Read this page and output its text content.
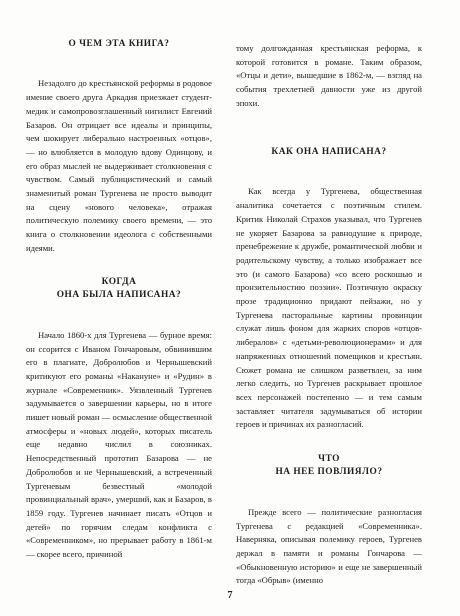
О ЧЕМ ЭТА КНИГА?

Незадолго до крестьянской реформы в родовое имение своего друга Аркадия приезжает студент-медик и самопровозглашенный нигилист Евгений Базаров. Он отрицает все идеалы и принципы, чем шокирует либерально настроенных «отцов», — но влюбляется в молодую вдову Одинцову, и его образ мыслей не выдерживает столкновения с чувством. Самый публицистический и самый знаменитый роман Тургенева не просто выводит на сцену «нового человека», отражая политическую полемику своего времени, — это книга о столкновении идеолога с собственными идеями.

КОГДА
ОНА БЫЛА НАПИСАНА?

Начало 1860-х для Тургенева — бурное время: он ссорится с Иваном Гончаровым, обвинившим его в плагиате, Добролюбов и Чернышевский критикуют его романы «Накануне» и «Рудин» в журнале «Современник». Уязвленный Тургенев задумывается о завершении карьеры, но в итоге пишет новый роман — осмысление общественной атмосферы и «новых людей», которых писатель еще недавно числил в союзниках. Непосредственный прототип Базарова — не Добролюбов и не Чернышевский, а встреченный Тургеневым безвестный «молодой провинциальный врач», умерший, как и Базаров, в 1859 году. Тургенев начинает писать «Отцов и детей» по горячим следам конфликта с «Современником», но прерывает работу в 1861-м — скорее всего, причиной

тому долгожданная крестьянская реформа, к которой готовится в романе. Таким образом, «Отцы и дети», вышедшие в 1862-м, — взгляд на события трехлетней давности уже из другой эпохи.

КАК ОНА НАПИСАНА?

Как всегда у Тургенева, общественная аналитика сочетается с поэтичным стилем. Критик Николай Страхов указывал, что Тургенев не укоряет Базарова за равнодушие к природе, пренебрежение к дружбе, романтической любви и родительскому чувству, а только изображает все это (и самого Базарова) «со всею роскошью и пронзительностию поэзии». Поэтичную окраску прозе традиционно придают пейзажи, но у Тургенева пасторальные картины провинции служат лишь фоном для жарких споров «отцов-либералов» с «детьми-революционерами» и для напряженных отношений помещиков и крестьян. Сюжет романа не слишком разветвлен, за ним легко следить, но Тургенев раскрывает прошлое всех персонажей постепенно — и тем самым заставляет читателя задумываться об истории героев и причинах их разногласий.

ЧТО
НА НЕЕ ПОВЛИЯЛО?

Прежде всего — политические разногласия Тургенева с редакцией «Современника». Наверняка, описывая полемику героев, Тургенев держал в памяти и романы Гончарова — «Обыкновенную историю» и еще не завершенный тогда «Обрыв» (именно

7
